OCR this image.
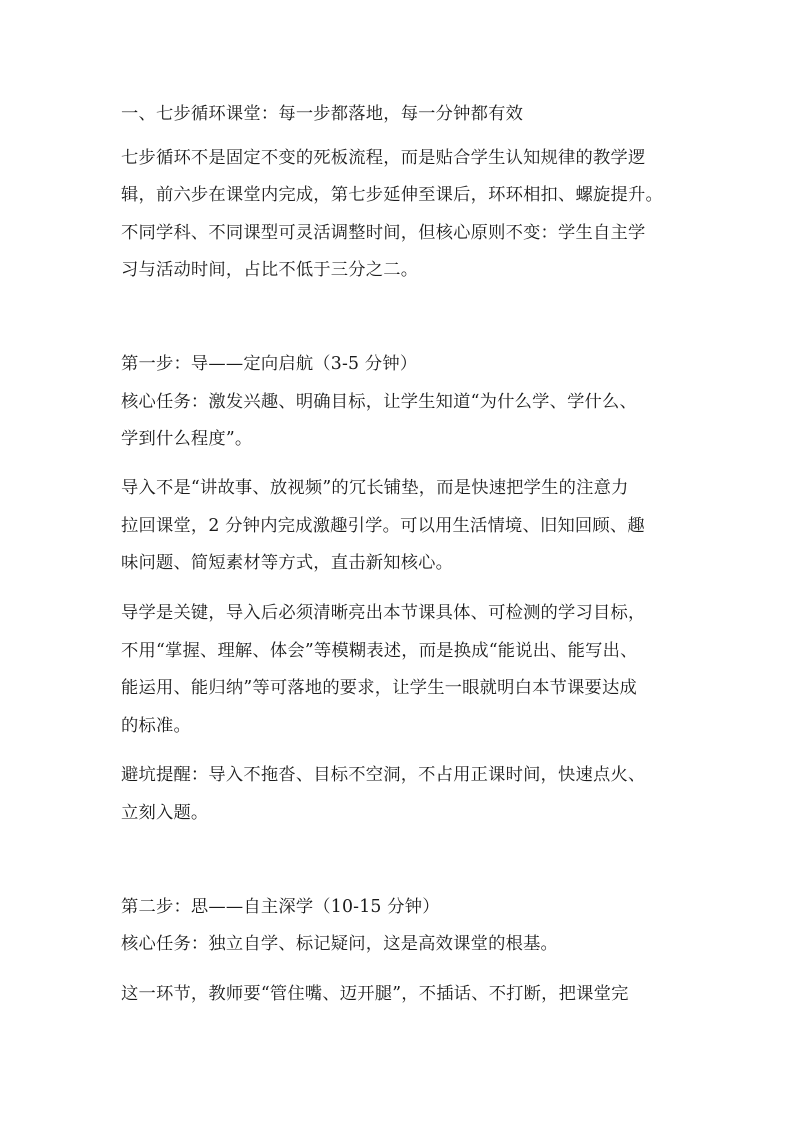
一、七步循环课堂：每一步都落地，每一分钟都有效
七步循环不是固定不变的死板流程，而是贴合学生认知规律的教学逻
辑，前六步在课堂内完成，第七步延伸至课后，环环相扣、螺旋提升。
不同学科、不同课型可灵活调整时间，但核心原则不变：学生自主学
习与活动时间，占比不低于三分之二。
第一步：导——定向启航（3-5 分钟）
核心任务：激发兴趣、明确目标，让学生知道“为什么学、学什么、
学到什么程度”。
导入不是“讲故事、放视频”的冗长铺垫，而是快速把学生的注意力
拉回课堂，2 分钟内完成激趣引学。可以用生活情境、旧知回顾、趣
味问题、简短素材等方式，直击新知核心。
导学是关键，导入后必须清晰亮出本节课具体、可检测的学习目标，
不用“掌握、理解、体会”等模糊表述，而是换成“能说出、能写出、
能运用、能归纳”等可落地的要求，让学生一眼就明白本节课要达成
的标准。
避坑提醒：导入不拖沓、目标不空洞，不占用正课时间，快速点火、
立刻入题。
第二步：思——自主深学（10-15 分钟）
核心任务：独立自学、标记疑问，这是高效课堂的根基。
这一环节，教师要“管住嘴、迈开腿”，不插话、不打断，把课堂完
